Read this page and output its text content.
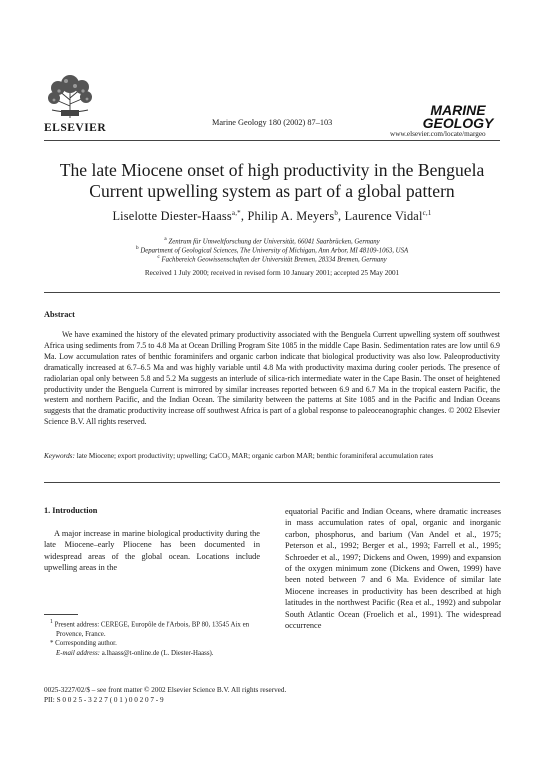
ELSEVIER	Marine Geology 180 (2002) 87–103
MARINE
GEOLOGY
www.elsevier.com/locate/margeo
The late Miocene onset of high productivity in the Benguela Current upwelling system as part of a global pattern
Liselotte Diester-Haass$^{a,*}$, Philip A. Meyers$^b$, Laurence Vidal$^{c,1}$
$^a$ Zentrum für Umweltforschung der Universität, 66041 Saarbrücken, Germany
$^b$ Department of Geological Sciences, The University of Michigan, Ann Arbor, MI 48109-1063, USA
$^c$ Fachbereich Geowissenschaften der Universität Bremen, 28334 Bremen, Germany
Received 1 July 2000; received in revised form 10 January 2001; accepted 25 May 2001
Abstract

We have examined the history of the elevated primary productivity associated with the Benguela Current upwelling system off southwest Africa using sediments from 7.5 to 4.8 Ma at Ocean Drilling Program Site 1085 in the middle Cape Basin. Sedimentation rates are low until 6.9 Ma. Low accumulation rates of benthic foraminifers and organic carbon indicate that biological productivity was also low. Paleoproductivity dramatically increased at 6.7–6.5 Ma and was highly variable until 4.8 Ma with productivity maxima during cooler periods. The presence of radiolarian opal only between 5.8 and 5.2 Ma suggests an interlude of silica-rich intermediate water in the Cape Basin. The onset of heightened productivity under the Benguela Current is mirrored by similar increases reported between 6.9 and 6.7 Ma in the tropical eastern Pacific, the western and northern Pacific, and the Indian Ocean. The similarity between the patterns at Site 1085 and in the Pacific and Indian Oceans suggests that the dramatic productivity increase off southwest Africa is part of a global response to paleoceanographic changes. © 2002 Elsevier Science B.V. All rights reserved.

Keywords: late Miocene; export productivity; upwelling; CaCO₃ MAR; organic carbon MAR; benthic foraminiferal accumulation rates
1. Introduction

A major increase in marine biological productivity during the late Miocene–early Pliocene has been documented in widespread areas of the global ocean. Locations include upwelling areas in the

equatorial Pacific and Indian Oceans, where dramatic increases in mass accumulation rates of opal, organic and inorganic carbon, phosphorus, and barium (Van Andel et al., 1975; Peterson et al., 1992; Berger et al., 1993; Farrell et al., 1995; Schroeder et al., 1997; Dickens and Owen, 1999) and expansion of the oxygen minimum zone (Dickens and Owen, 1999) have been noted between 7 and 6 Ma. Evidence of similar late Miocene increases in productivity has been described at high latitudes in the northwest Pacific (Rea et al., 1992) and subpolar South Atlantic Ocean (Froelich et al., 1991). The widespread occurrence

$^1$ Present address: CEREGE, Europôle de l'Arbois, BP 80, 13545 Aix en Provence, France.

* Corresponding author.

E-mail address: a.lhaass@t-online.de (L. Diester-Haass).

0025-3227/02/$ – see front matter © 2002 Elsevier Science B.V. All rights reserved.
PII: S 0 0 2 5 - 3 2 2 7 ( 0 1 ) 0 0 2 0 7 - 9
